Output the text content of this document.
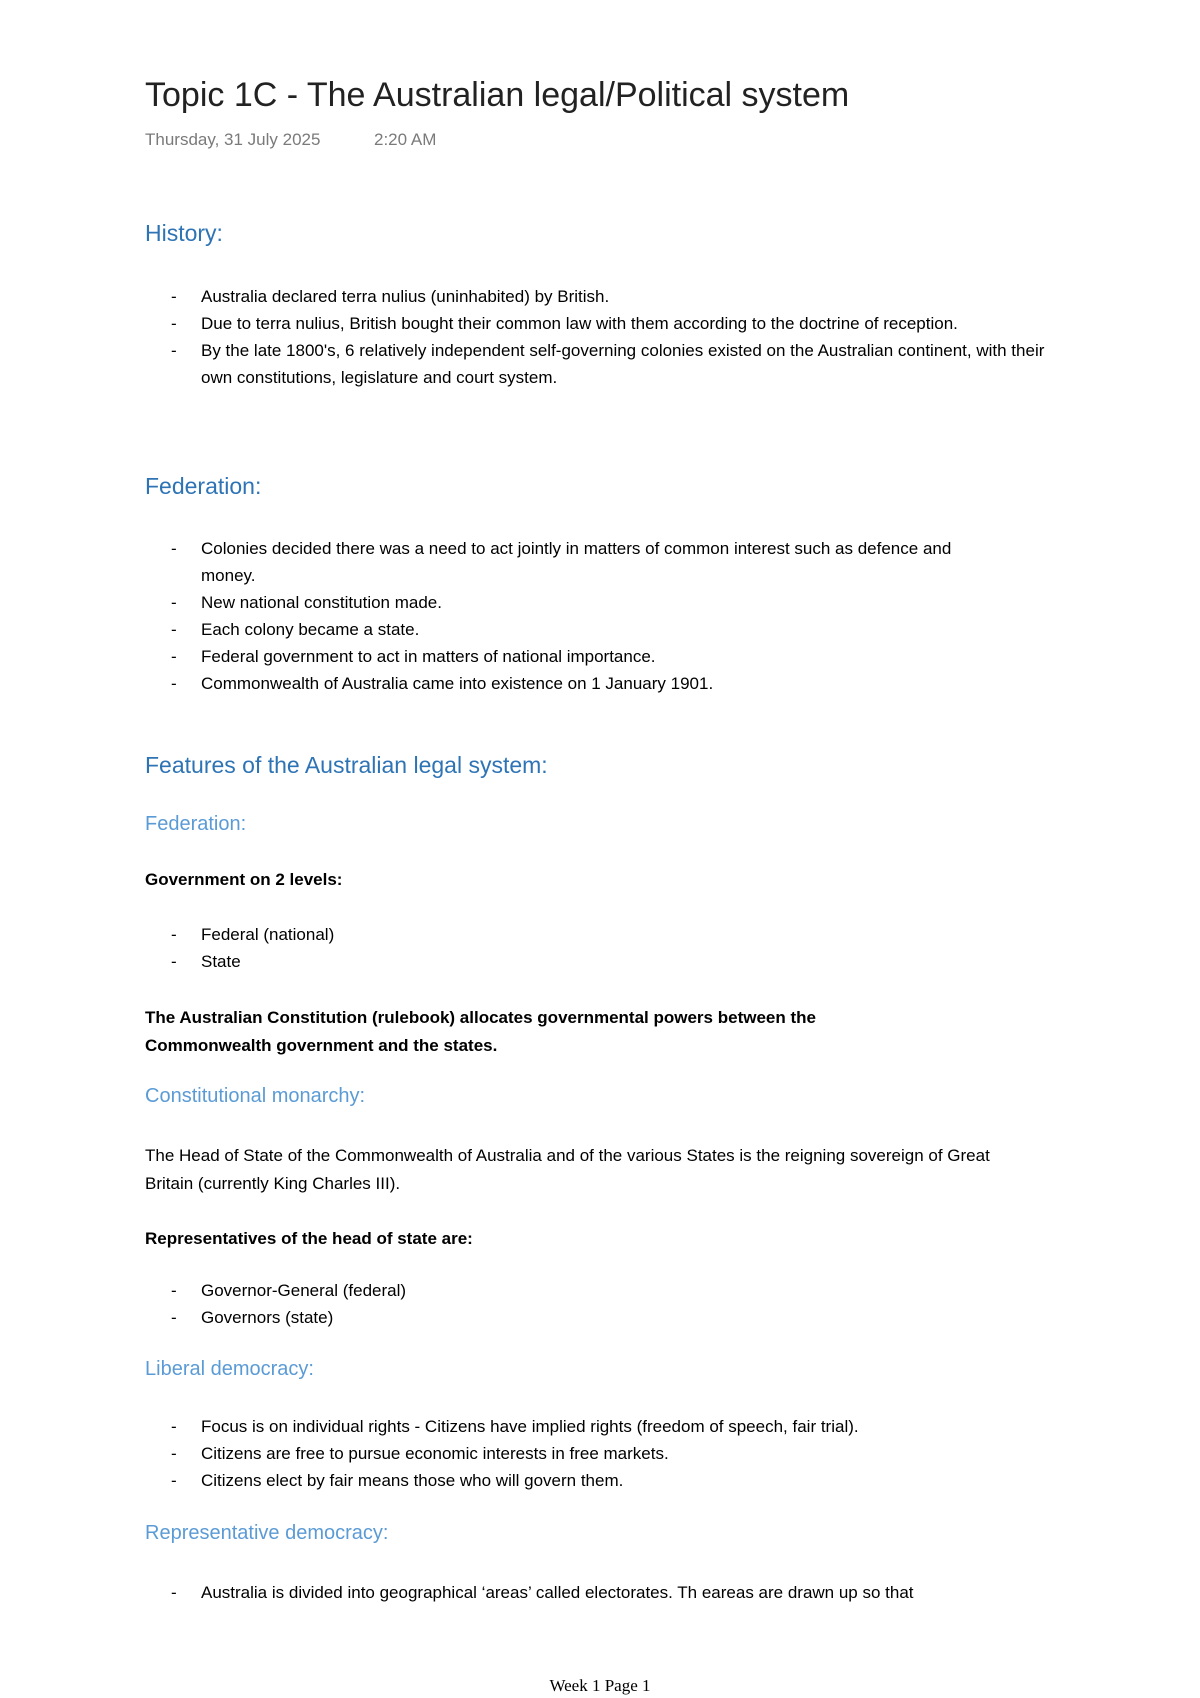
Topic 1C - The Australian legal/Political system
Thursday, 31 July 2025	2:20 AM
History:
- Australia declared terra nulius (uninhabited) by British.
- Due to terra nulius, British bought their common law with them according to the doctrine of reception.
- By the late 1800's, 6 relatively independent self-governing colonies existed on the Australian continent, with their own constitutions, legislature and court system.
Federation:
- Colonies decided there was a need to act jointly in matters of common interest such as defence and money.
- New national constitution made.
- Each colony became a state.
- Federal government to act in matters of national importance.
- Commonwealth of Australia came into existence on 1 January 1901.
Features of the Australian legal system:
Federation:
Government on 2 levels:
- Federal (national)
- State
The Australian Constitution (rulebook) allocates governmental powers between the Commonwealth government and the states.
Constitutional monarchy:
The Head of State of the Commonwealth of Australia and of the various States is the reigning sovereign of Great Britain (currently King Charles III).
Representatives of the head of state are:
- Governor-General (federal)
- Governors (state)
Liberal democracy:
- Focus is on individual rights - Citizens have implied rights (freedom of speech, fair trial).
- Citizens are free to pursue economic interests in free markets.
- Citizens elect by fair means those who will govern them.
Representative democracy:
- Australia is divided into geographical ‘areas’ called electorates. Th eareas are drawn up so that
Week 1 Page 1
